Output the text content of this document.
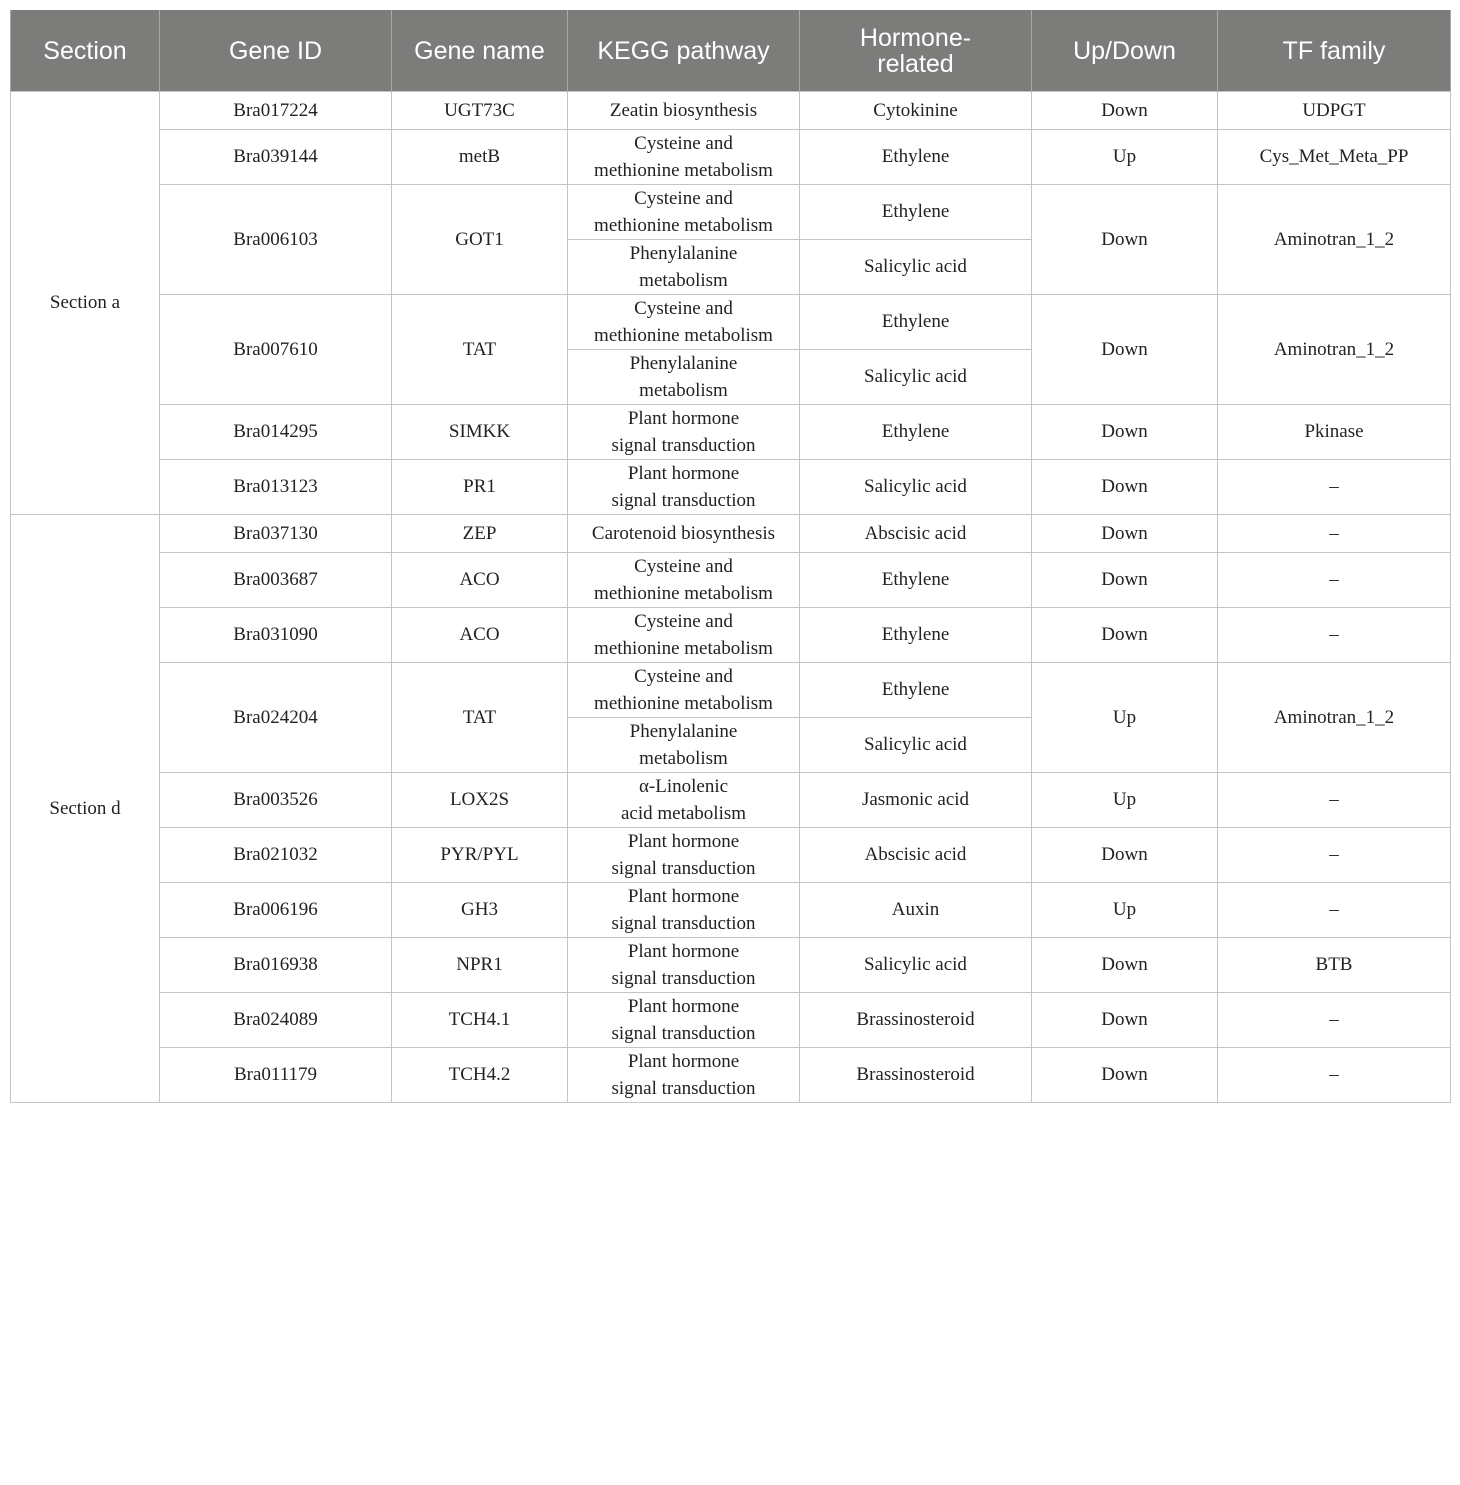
Section	Gene ID	Gene name	KEGG pathway	Hormone-
related	Up/Down	TF family
Section a	Bra017224	UGT73C	Zeatin biosynthesis	Cytokinine	Down	UDPGT
	Bra039144	metB	Cysteine and
methionine metabolism	Ethylene	Up	Cys_Met_Meta_PP
	Bra006103	GOT1	Cysteine and
methionine metabolism	Ethylene	Down	Aminotran_1_2
			Phenylalanine
metabolism	Salicylic acid		
	Bra007610	TAT	Cysteine and
methionine metabolism	Ethylene	Down	Aminotran_1_2
			Phenylalanine
metabolism	Salicylic acid		
	Bra014295	SIMKK	Plant hormone
signal transduction	Ethylene	Down	Pkinase
	Bra013123	PR1	Plant hormone
signal transduction	Salicylic acid	Down	–
Section d	Bra037130	ZEP	Carotenoid biosynthesis	Abscisic acid	Down	–
	Bra003687	ACO	Cysteine and
methionine metabolism	Ethylene	Down	–
	Bra031090	ACO	Cysteine and
methionine metabolism	Ethylene	Down	–
	Bra024204	TAT	Cysteine and
methionine metabolism	Ethylene	Up	Aminotran_1_2
			Phenylalanine
metabolism	Salicylic acid		
	Bra003526	LOX2S	α-Linolenic
acid metabolism	Jasmonic acid	Up	–
	Bra021032	PYR/PYL	Plant hormone
signal transduction	Abscisic acid	Down	–
	Bra006196	GH3	Plant hormone
signal transduction	Auxin	Up	–
	Bra016938	NPR1	Plant hormone
signal transduction	Salicylic acid	Down	BTB
	Bra024089	TCH4.1	Plant hormone
signal transduction	Brassinosteroid	Down	–
	Bra011179	TCH4.2	Plant hormone
signal transduction	Brassinosteroid	Down	–
